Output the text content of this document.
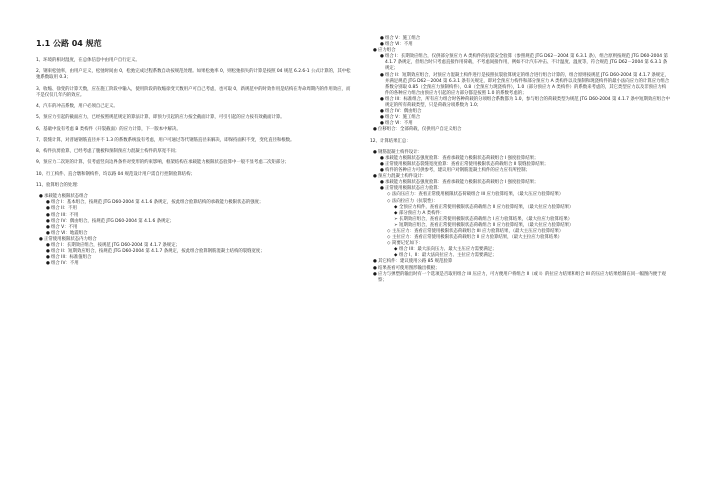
1.1 公路 04 规范
1、环境的相对湿度，在总体信息中由用户自行定义。
2、钢束松弛率，由用户定义，松弛时间由 0，松弛完成过程系数自动按规范处理。如果松弛率 0，则松弛损失的计算是按照 04 规范 6.2.6-1 公式计算的，其中松弛系数取用 0.3；
3、收缩、徐变的计算天数，应在施工阶段中输入，使用阶段的收缩徐变天数用户可自己考虑，也可取 0，新规范中的时效作用是结构在寿命周期内的作用效应，而不是仅仅几年内的效应。
4、汽车的冲击系数，用户必须自己定义。
5、预应力引起的截面应力，已经按照规范规定的算法计算，即预力引起的应力按全截面计算，可引引起的应力按有效截面计算。
6、基础中没有考虑 B 类构件（开裂截面）的应力计算，下一版本中解决。
7、裂缝计算，对普通钢筋直径并不 1.3 的系数系统没有考虑，用户可通过等代钢筋直径来解决，即保持面积不变，变化直径和根数。
8、构件抗剪验算，已经考虑了腹板和预制预应力混凝土构件的厚宽不同；
9、预应力二次矩的计算，仅考虑竖向边界条件对变形的约束影响，框架结构在承载能力极限状态验算中一般不显考虑二次矩部分；
10、行工构件、直合墩和钢构件，均以路 04 规范设计用户需自行控制验算结构；
11、验算组合的处理：
● 承载能力极限状态组合
● 组合 I：基本组合，按规范 JTG D60-2004 第 4.1.6 条规定，按此组合验算结构的承载能力极限状态的强度；
● 组合 II：不用
● 组合 III：不用
● 组合 IV：偶由组合，按规范 JTG D60-2004 第 4.1.6 条规定；
● 组合 V：不用
● 组合 VI：地震组合
● 正常使用极限状态内力组合
● 组合 I：长期效应组合，按规范 JTG D60-2004 第 4.1.7 条规定；
● 组合 II：短期效应组合，按规范 JTG D60-2004 第 4.1.7 条规定，按此组合验算钢筋混凝土结构的裂缝宽度；
● 组合 III：标准值组合
● 组合 IV：不用
● 组合 V：施工组合
● 组合 VI：不用
● 应力组合
● 组合 I：长期效应组合，仅供部分预应力 A 类构件的抗裂安全验算（参照规范 JTG D62－2004 第 6.3.1 条），组合原则按规范 JTG D60-2004 第 4.1.7 条规定，但组合时只考虑直接作用荷载，不考虑间接作用，例如不计汽车冲击、不计温度、温度等，符合规范 JTG D62－2004 第 6.3.1 条规定；
● 组合 II：短期效应组合，对预应力混凝土构件进行是按照抗裂验算规定的组合进行组合计算的，组合原则按规范 JTG D60-2004 第 4.1.7 条规定，并满足规范 JTG D62－2004 第 6.3.1 条有关规定，即对全预应力构件和部分预应力 A 类构件以及预制和现浇构件的最小法向应力的计算应力组合系数分别取 0.85（全预应力预制构件），0.8（全预应力现浇构件），1.0（部分预应力 A 类构件）的系数来考虑的，其它类型应力以及非预应力构件的各种应力组合由预应力引起的应力部分都是按照 1.0 的系数考虑的；
● 组合 III：标准组合，所有应力组合时各种荷载的分项组合系数都为 1.0，参与组合的荷载类型为规范 JTG D60-2004 第 4.1.7 条中短期效应组合中规定的所有荷载类型，只是荷载分项系数为 1.0；
● 组合 IV：偶由组合
● 组合 V：施工组合
● 组合 VI：不用
● 位移组合：全部荷载，仅供用户自定义组合
12、计算结果汇总：
● 钢筋混凝土构件设计：
● 承载能力极限状态强度验算：查看承载能力极限状态荷载组合 I 强度验算结果；
● 正常使用极限状态裂缝宽度验算：查看正常使用极限状态荷载组合 II 裂缝验算结果；
● 构件的各种应力可供参考，建议用户对钢筋混凝土构件的应力应有所控制；
● 预应力混凝土构件设计：
● 承载能力极限状态强度验算：查看承载能力极限状态荷载组合 I 强度验算结果；
● 正常使用极限状态应力验算：
◇ 法向压应力：查看正常使用极限状态荷载组合 III 应力验算结果，（最大压应力验算结果）
◇ 法向拉应力（抗裂性）：
◆ 全预应力构件，查看正常使用极限状态荷载组合 II 应力验算结果，（最大拉应力验算结果）
◆ 部分预应力 A 类构件：
➢ 长期效应组合，查看正常使用极限状态荷载组合 I 应力验算结果，（最大拉应力验算结果）
➢ 短期效应组合，查看正常使用极限状态荷载组合 II 应力验算结果，（最大拉应力验算结果）
◇ 主压应力：查看正常使用极限状态荷载组合 III 应力验算结果，（最大主压应力验算结果）
◇ 主拉应力：查看正常使用极限状态荷载组合 II 应力验算结果，（最大主拉应力验算结果）
◇ 简要记忆如下：
◆ 组合 III：最大法向压力、最大主压应力需要满足；
◆ 组合 I、II：最大法向拉应力、主拉应力需要满足；
● 其它构件：建议使用公路 85 规范验算
● 结果查看可使用图形输出模板；
● 应力与弹塑的输出时有一个选项是否取用组合 III 压应力，可方便用户将组合 II（或 I）的拉应力结果和组合 III 的压应力结果绘制在同一幅图内便于观察；
